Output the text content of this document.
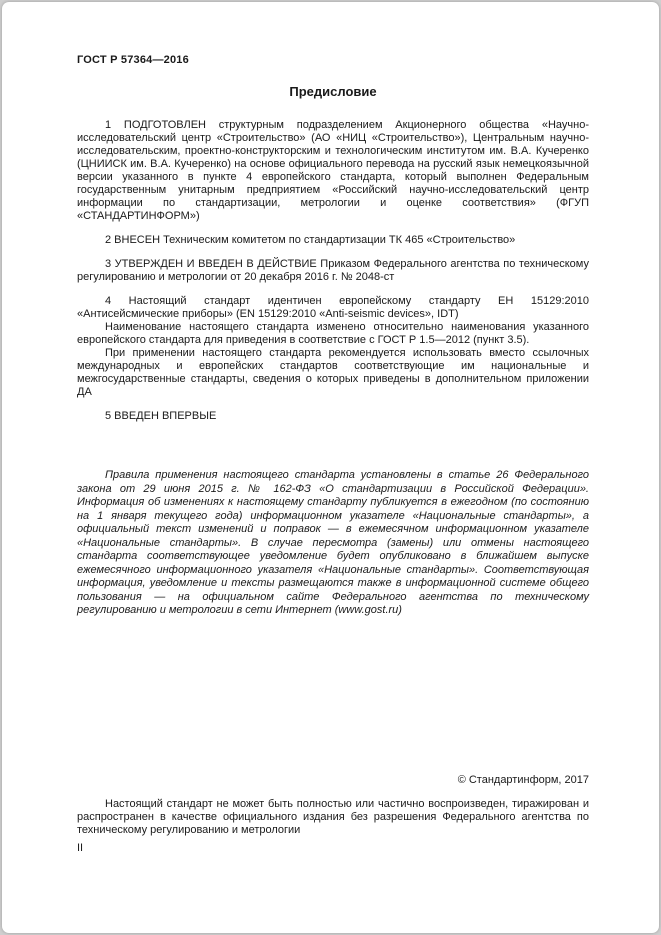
ГОСТ Р 57364—2016
Предисловие

1 ПОДГОТОВЛЕН структурным подразделением Акционерного общества «Научно-исследовательский центр «Строительство» (АО «НИЦ «Строительство»), Центральным научно-исследовательским, проектно-конструкторским и технологическим институтом им. В.А. Кучеренко (ЦНИИСК им. В.А. Кучеренко) на основе официального перевода на русский язык немецкоязычной версии указанного в пункте 4 европейского стандарта, который выполнен Федеральным государственным унитарным предприятием «Российский научно-исследовательский центр информации по стандартизации, метрологии и оценке соответствия» (ФГУП «СТАНДАРТИНФОРМ»)

2 ВНЕСЕН Техническим комитетом по стандартизации ТК 465 «Строительство»

3 УТВЕРЖДЕН И ВВЕДЕН В ДЕЙСТВИЕ Приказом Федерального агентства по техническому регулированию и метрологии от 20 декабря 2016 г. № 2048-ст

4 Настоящий стандарт идентичен европейскому стандарту ЕН 15129:2010 «Антисейсмические приборы» (EN 15129:2010 «Anti-seismic devices», IDT)

Наименование настоящего стандарта изменено относительно наименования указанного европейского стандарта для приведения в соответствие с ГОСТ Р 1.5—2012 (пункт 3.5).

При применении настоящего стандарта рекомендуется использовать вместо ссылочных международных и европейских стандартов соответствующие им национальные и межгосударственные стандарты, сведения о которых приведены в дополнительном приложении ДА

5 ВВЕДЕН ВПЕРВЫЕ

Правила применения настоящего стандарта установлены в статье 26 Федерального закона от 29 июня 2015 г. № 162-ФЗ «О стандартизации в Российской Федерации». Информация об изменениях к настоящему стандарту публикуется в ежегодном (по состоянию на 1 января текущего года) информационном указателе «Национальные стандарты», а официальный текст изменений и поправок — в ежемесячном информационном указателе «Национальные стандарты». В случае пересмотра (замены) или отмены настоящего стандарта соответствующее уведомление будет опубликовано в ближайшем выпуске ежемесячного информационного указателя «Национальные стандарты». Соответствующая информация, уведомление и тексты размещаются также в информационной системе общего пользования — на официальном сайте Федерального агентства по техническому регулированию и метрологии в сети Интернет (www.gost.ru)

© Стандартинформ, 2017

Настоящий стандарт не может быть полностью или частично воспроизведен, тиражирован и распространен в качестве официального издания без разрешения Федерального агентства по техническому регулированию и метрологии

II
